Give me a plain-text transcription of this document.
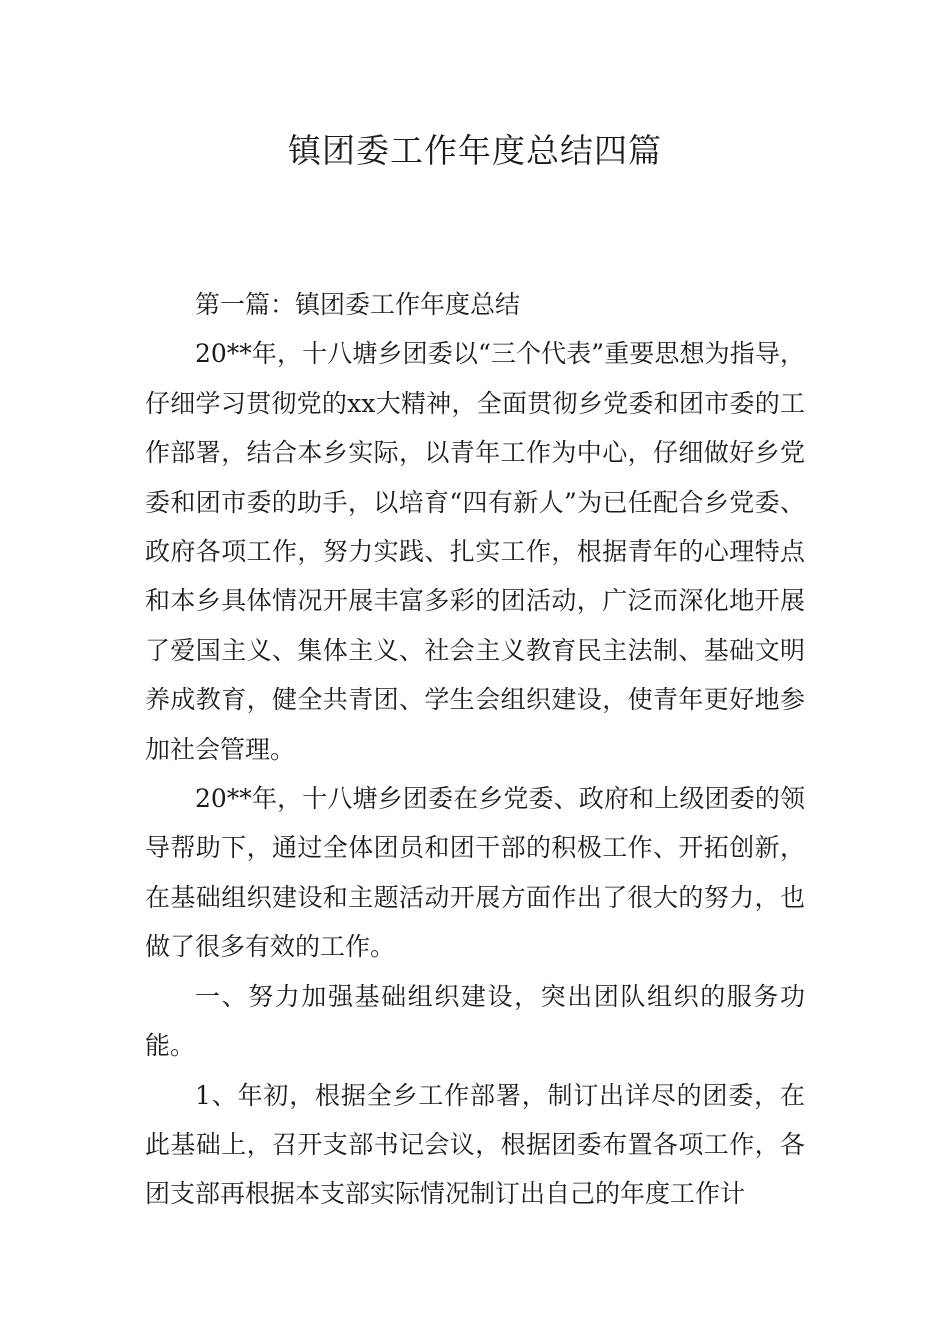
镇团委工作年度总结四篇

第一篇：镇团委工作年度总结

20**年，十八塘乡团委以“三个代表”重要思想为指导，仔细学习贯彻党的xx大精神，全面贯彻乡党委和团市委的工作部署，结合本乡实际，以青年工作为中心，仔细做好乡党委和团市委的助手，以培育“四有新人”为已任配合乡党委、政府各项工作，努力实践、扎实工作，根据青年的心理特点和本乡具体情况开展丰富多彩的团活动，广泛而深化地开展了爱国主义、集体主义、社会主义教育民主法制、基础文明养成教育，健全共青团、学生会组织建设，使青年更好地参加社会管理。

20**年，十八塘乡团委在乡党委、政府和上级团委的领导帮助下，通过全体团员和团干部的积极工作、开拓创新，在基础组织建设和主题活动开展方面作出了很大的努力，也做了很多有效的工作。

一、努力加强基础组织建设，突出团队组织的服务功能。

1、年初，根据全乡工作部署，制订出详尽的团委，在此基础上，召开支部书记会议，根据团委布置各项工作，各团支部再根据本支部实际情况制订出自己的年度工作计
